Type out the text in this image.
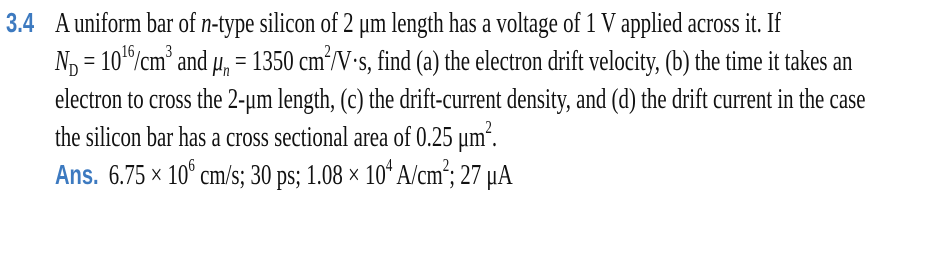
3.4 A uniform bar of n-type silicon of 2 μm length has a voltage of 1 V applied across it. If
$N_D = 10^{16}/cm^3$ and $\mu_n = 1350$ $cm^2/V\cdot s$, find (a) the electron drift velocity, (b) the time it takes an
electron to cross the 2-μm length, (c) the drift-current density, and (d) the drift current in the case
the silicon bar has a cross sectional area of 0.25 $\mu m^2$.
Ans. $6.75 \times 10^6$ cm/s; 30 ps; $1.08 \times 10^4$ $A/cm^2$; 27 μA
